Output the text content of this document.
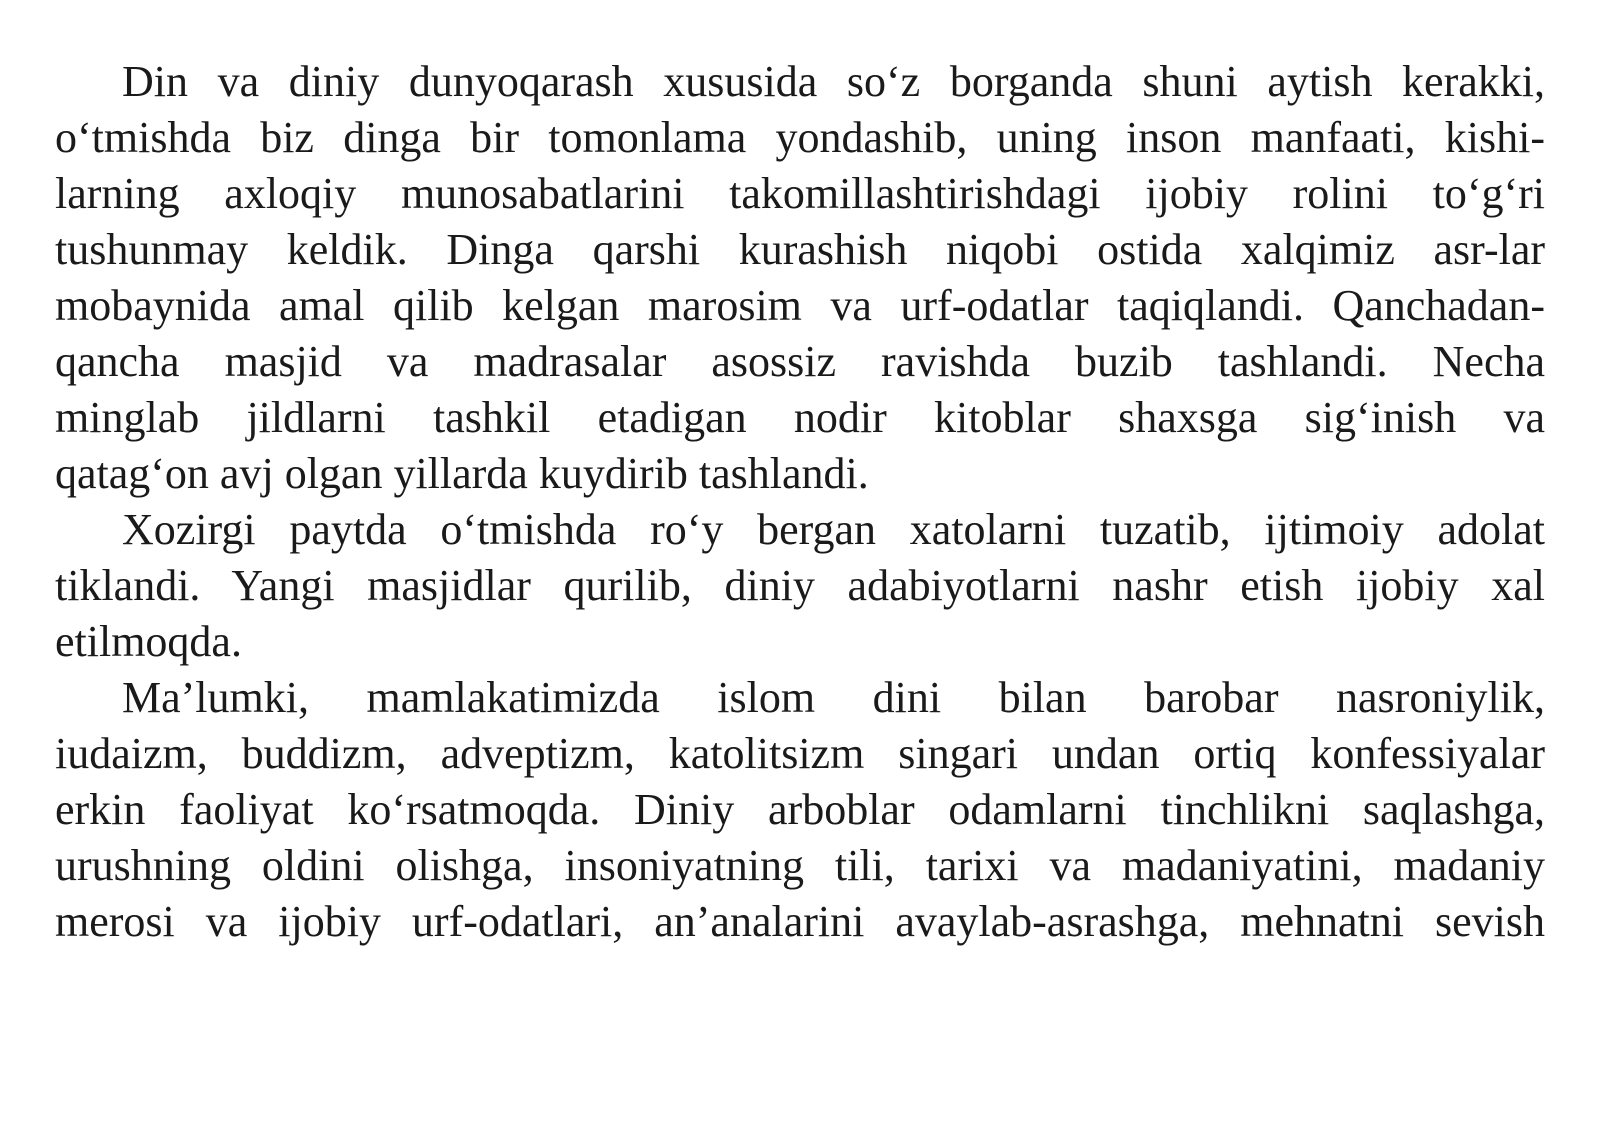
Din va diniy dunyoqarash xususida so‘z borganda shuni aytish kerakki,
o‘tmishda biz dinga bir tomonlama yondashib, uning inson manfaati, kishi-
larning axloqiy munosabatlarini takomillashtirishdagi ijobiy rolini to‘g‘ri
tushunmay keldik. Dinga qarshi kurashish niqobi ostida xalqimiz asr-lar
mobaynida amal qilib kelgan marosim va urf-odatlar taqiqlandi. Qanchadan-
qancha masjid va madrasalar asossiz ravishda buzib tashlandi. Necha
minglab jildlarni tashkil etadigan nodir kitoblar shaxsga sig‘inish va
qatag‘on avj olgan yillarda kuydirib tashlandi.
Xozirgi paytda o‘tmishda ro‘y bergan xatolarni tuzatib, ijtimoiy adolat
tiklandi. Yangi masjidlar qurilib, diniy adabiyotlarni nashr etish ijobiy xal
etilmoqda.
Ma’lumki, mamlakatimizda islom dini bilan barobar nasroniylik,
iudaizm, buddizm, adveptizm, katolitsizm singari undan ortiq konfessiyalar
erkin faoliyat ko‘rsatmoqda. Diniy arboblar odamlarni tinchlikni saqlashga,
urushning oldini olishga, insoniyatning tili, tarixi va madaniyatini, madaniy
merosi va ijobiy urf-odatlari, an’analarini avaylab-asrashga, mehnatni sevish
